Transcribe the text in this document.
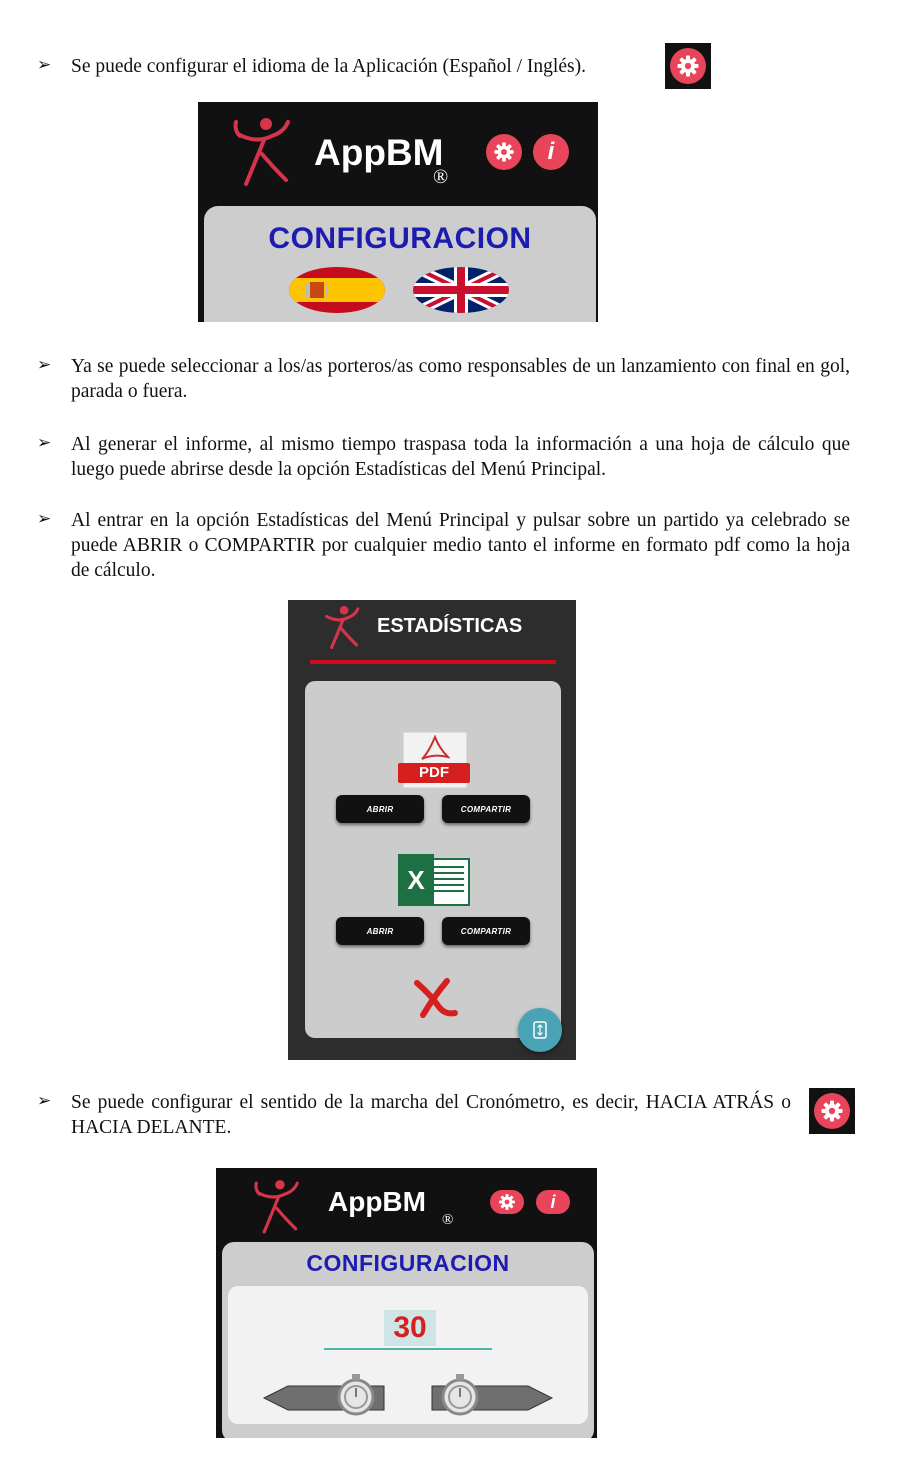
➢ Se puede configurar el idioma de la Aplicación (Español / Inglés).
AppBM
®
i
CONFIGURACION
➢ Ya se puede seleccionar a los/as porteros/as como responsables de un lanzamiento con final en gol, parada o fuera.
➢ Al generar el informe, al mismo tiempo traspasa toda la información a una hoja de cálculo que luego puede abrirse desde la opción Estadísticas del Menú Principal.
➢ Al entrar en la opción Estadísticas del Menú Principal y pulsar sobre un partido ya celebrado se puede ABRIR o COMPARTIR por cualquier medio tanto el informe en formato pdf como la hoja de cálculo.
ESTADÍSTICAS
PDF
ABRIR	COMPARTIR
X
ABRIR	COMPARTIR
➢ Se puede configurar el sentido de la marcha del Cronómetro, es decir, HACIA ATRÁS o HACIA DELANTE.
AppBM
®
i
CONFIGURACION
30
